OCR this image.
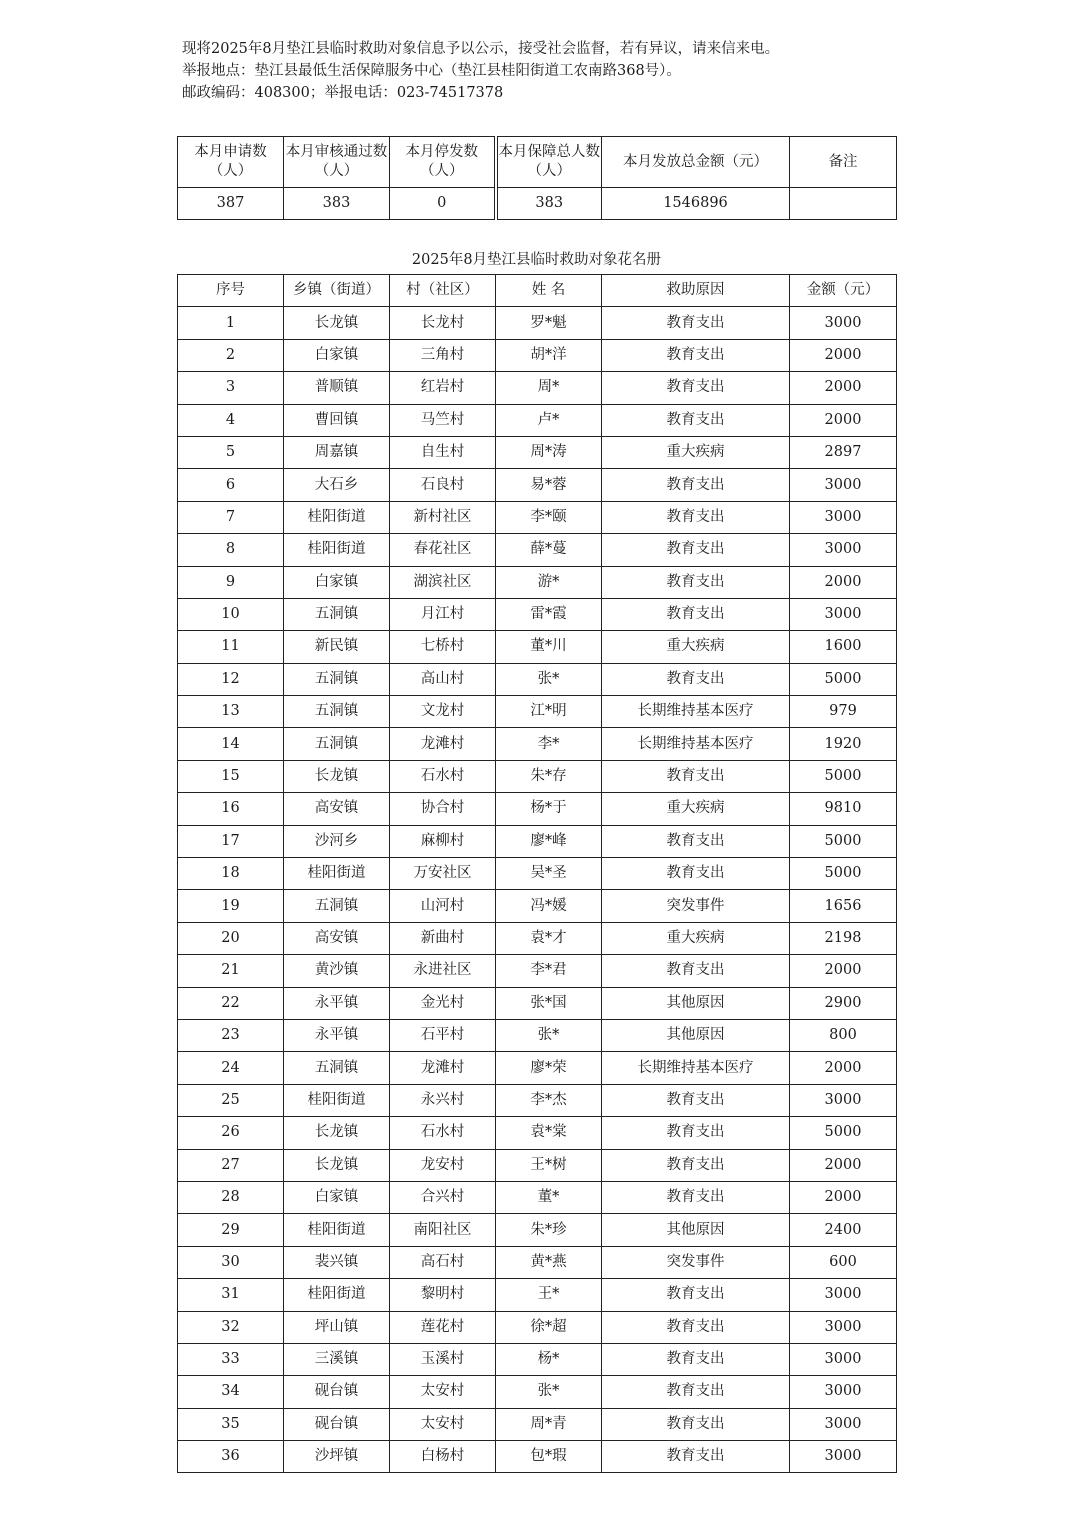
现将2025年8月垫江县临时救助对象信息予以公示，接受社会监督，若有异议，请来信来电。

举报地点：垫江县最低生活保障服务中心（垫江县桂阳街道工农南路368号）。

邮政编码：408300；举报电话：023-74517378

本月申请数（人）	本月审核通过数（人）	本月停发数（人）	本月保障总人数（人）	本月发放总金额（元）	备注
387	383	0	383	1546896	
2025年8月垫江县临时救助对象花名册
序号	乡镇（街道）	村（社区）	姓 名	救助原因	金额（元）
1	长龙镇	长龙村	罗*魁	教育支出	3000
2	白家镇	三角村	胡*洋	教育支出	2000
3	普顺镇	红岩村	周*	教育支出	2000
4	曹回镇	马竺村	卢*	教育支出	2000
5	周嘉镇	自生村	周*涛	重大疾病	2897
6	大石乡	石良村	易*蓉	教育支出	3000
7	桂阳街道	新村社区	李*颐	教育支出	3000
8	桂阳街道	春花社区	薛*蔓	教育支出	3000
9	白家镇	湖滨社区	游*	教育支出	2000
10	五洞镇	月江村	雷*霞	教育支出	3000
11	新民镇	七桥村	董*川	重大疾病	1600
12	五洞镇	高山村	张*	教育支出	5000
13	五洞镇	文龙村	江*明	长期维持基本医疗	979
14	五洞镇	龙滩村	李*	长期维持基本医疗	1920
15	长龙镇	石水村	朱*存	教育支出	5000
16	高安镇	协合村	杨*于	重大疾病	9810
17	沙河乡	麻柳村	廖*峰	教育支出	5000
18	桂阳街道	万安社区	吴*圣	教育支出	5000
19	五洞镇	山河村	冯*媛	突发事件	1656
20	高安镇	新曲村	袁*才	重大疾病	2198
21	黄沙镇	永进社区	李*君	教育支出	2000
22	永平镇	金光村	张*国	其他原因	2900
23	永平镇	石平村	张*	其他原因	800
24	五洞镇	龙滩村	廖*荣	长期维持基本医疗	2000
25	桂阳街道	永兴村	李*杰	教育支出	3000
26	长龙镇	石水村	袁*棠	教育支出	5000
27	长龙镇	龙安村	王*树	教育支出	2000
28	白家镇	合兴村	董*	教育支出	2000
29	桂阳街道	南阳社区	朱*珍	其他原因	2400
30	裴兴镇	高石村	黄*燕	突发事件	600
31	桂阳街道	黎明村	王*	教育支出	3000
32	坪山镇	莲花村	徐*超	教育支出	3000
33	三溪镇	玉溪村	杨*	教育支出	3000
34	砚台镇	太安村	张*	教育支出	3000
35	砚台镇	太安村	周*青	教育支出	3000
36	沙坪镇	白杨村	包*瑕	教育支出	3000
